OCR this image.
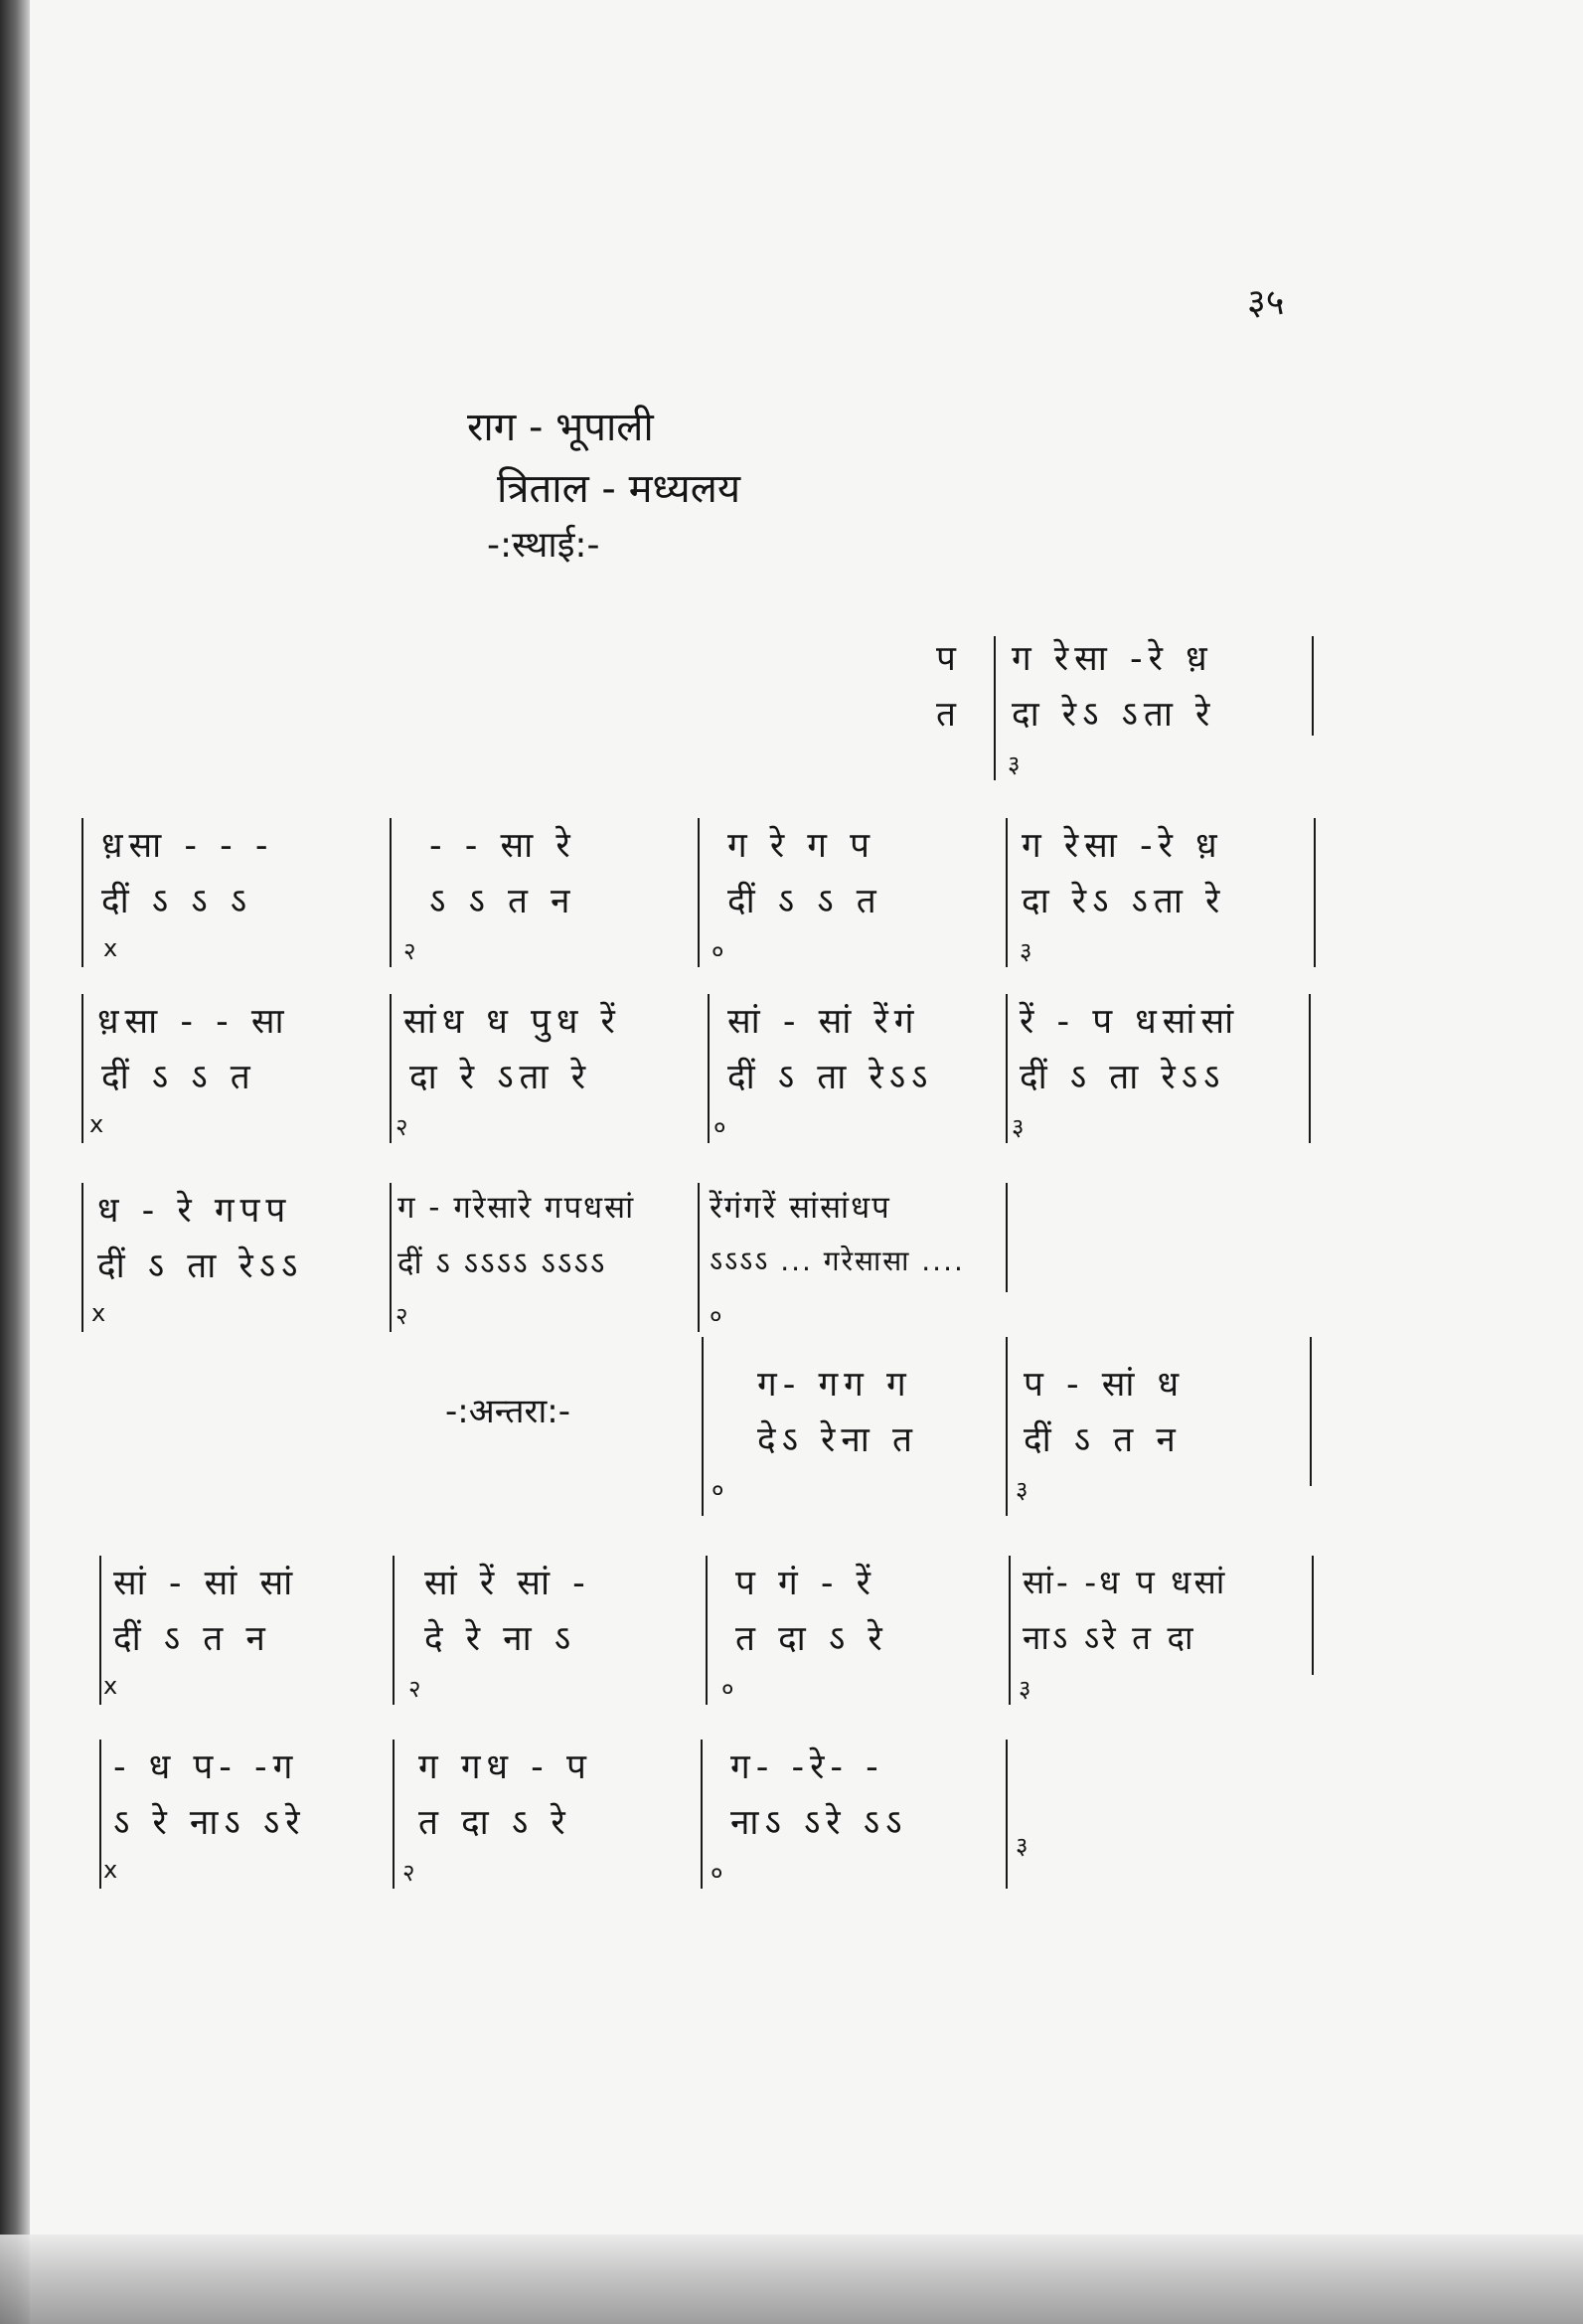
३५
राग - भूपाली
त्रिताल - मध्यलय
-:स्थाई:-
प
त
ग रेसा -रे ध़
दा रेऽ ऽता रे
३
ध़सा - - -
दीं ऽ ऽ ऽ
x
- - सा रे
ऽ ऽ त न
२
ग रे ग प
दीं ऽ ऽ त
०
ग रेसा -रे ध़
दा रेऽ ऽता रे
३
ध़सा - - सा
दीं ऽ ऽ त
x
सांध ध पुध रें
दा रे ऽता रे
२
सां - सां रेंगं
दीं ऽ ता रेऽऽ
०
रें - प धसांसां
दीं ऽ ता रेऽऽ
३
ध - रे गपप
दीं ऽ ता रेऽऽ
x
ग - गरेसारे गपधसां
दीं ऽ ऽऽऽऽ ऽऽऽऽ
२
रेंगंगरें सांसांधप
ऽऽऽऽ ... गरेसासा ....
०
-:अन्तरा:-
ग- गग ग
देऽ रेना त
०
प - सां ध
दीं ऽ त न
३
सां - सां सां
दीं ऽ त न
x
सां रें सां -
दे रे ना ऽ
२
प गं - रें
त दा ऽ रे
०
सां- -ध प धसां
नाऽ ऽरे त दा
३
- ध प- -ग
ऽ रे नाऽ ऽरे
x
ग गध - प
त दा ऽ रे
२
ग- -रे- -
नाऽ ऽरे ऽऽ
०
३
